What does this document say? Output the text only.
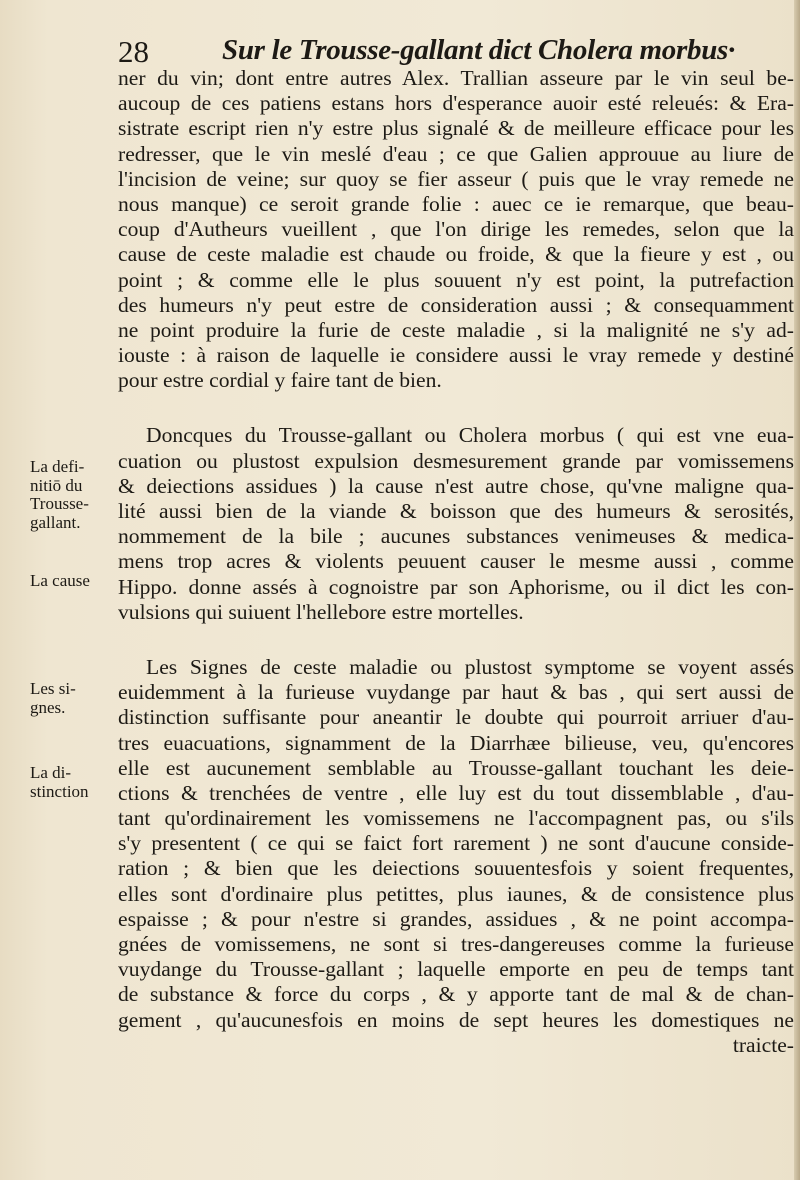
28	Sur le Trousse-gallant dict Cholera morbus·
ner du vin; dont entre autres Alex. Trallian asseure par le vin seul be-
aucoup de ces patiens estans hors d'esperance auoir esté releués: & Era-
sistrate escript rien n'y estre plus signalé & de meilleure efficace pour les
redresser, que le vin meslé d'eau ; ce que Galien approuue au liure de
l'incision de veine; sur quoy se fier asseur ( puis que le vray remede ne
nous manque) ce seroit grande folie : auec ce ie remarque, que beau-
coup d'Autheurs vueillent , que l'on dirige les remedes, selon que la
cause de ceste maladie est chaude ou froide, & que la fieure y est , ou
point ; & comme elle le plus souuent n'y est point, la putrefaction
des humeurs n'y peut estre de consideration aussi ; & consequamment
ne point produire la furie de ceste maladie , si la malignité ne s'y ad-
iouste : à raison de laquelle ie considere aussi le vray remede y destiné
pour estre cordial y faire tant de bien.
Doncques du Trousse-gallant ou Cholera morbus ( qui est vne eua-
cuation ou plustost expulsion desmesurement grande par vomissemens
& deiections assidues ) la cause n'est autre chose, qu'vne maligne qua-
lité aussi bien de la viande & boisson que des humeurs & serosités,
nommement de la bile ; aucunes substances venimeuses & medica-
mens trop acres & violents peuuent causer le mesme aussi , comme
Hippo. donne assés à cognoistre par son Aphorisme, ou il dict les con-
vulsions qui suiuent l'hellebore estre mortelles.
Les Signes de ceste maladie ou plustost symptome se voyent assés
euidemment à la furieuse vuydange par haut & bas , qui sert aussi de
distinction suffisante pour aneantir le doubte qui pourroit arriuer d'au-
tres euacuations, signamment de la Diarrhæe bilieuse, veu, qu'encores
elle est aucunement semblable au Trousse-gallant touchant les deie-
ctions & trenchées de ventre , elle luy est du tout dissemblable , d'au-
tant qu'ordinairement les vomissemens ne l'accompagnent pas, ou s'ils
s'y presentent ( ce qui se faict fort rarement ) ne sont d'aucune conside-
ration ; & bien que les deiections souuentesfois y soient frequentes,
elles sont d'ordinaire plus petittes, plus iaunes, & de consistence plus
espaisse ; & pour n'estre si grandes, assidues , & ne point accompa-
gnées de vomissemens, ne sont si tres-dangereuses comme la furieuse
vuydange du Trousse-gallant ; laquelle emporte en peu de temps tant
de substance & force du corps , & y apporte tant de mal & de chan-
gement , qu'aucunesfois en moins de sept heures les domestiques ne
traicte-
La defi-
nitiō du
Trousse-
gallant.
La cause
Les si-
gnes.
La di-
stinction
